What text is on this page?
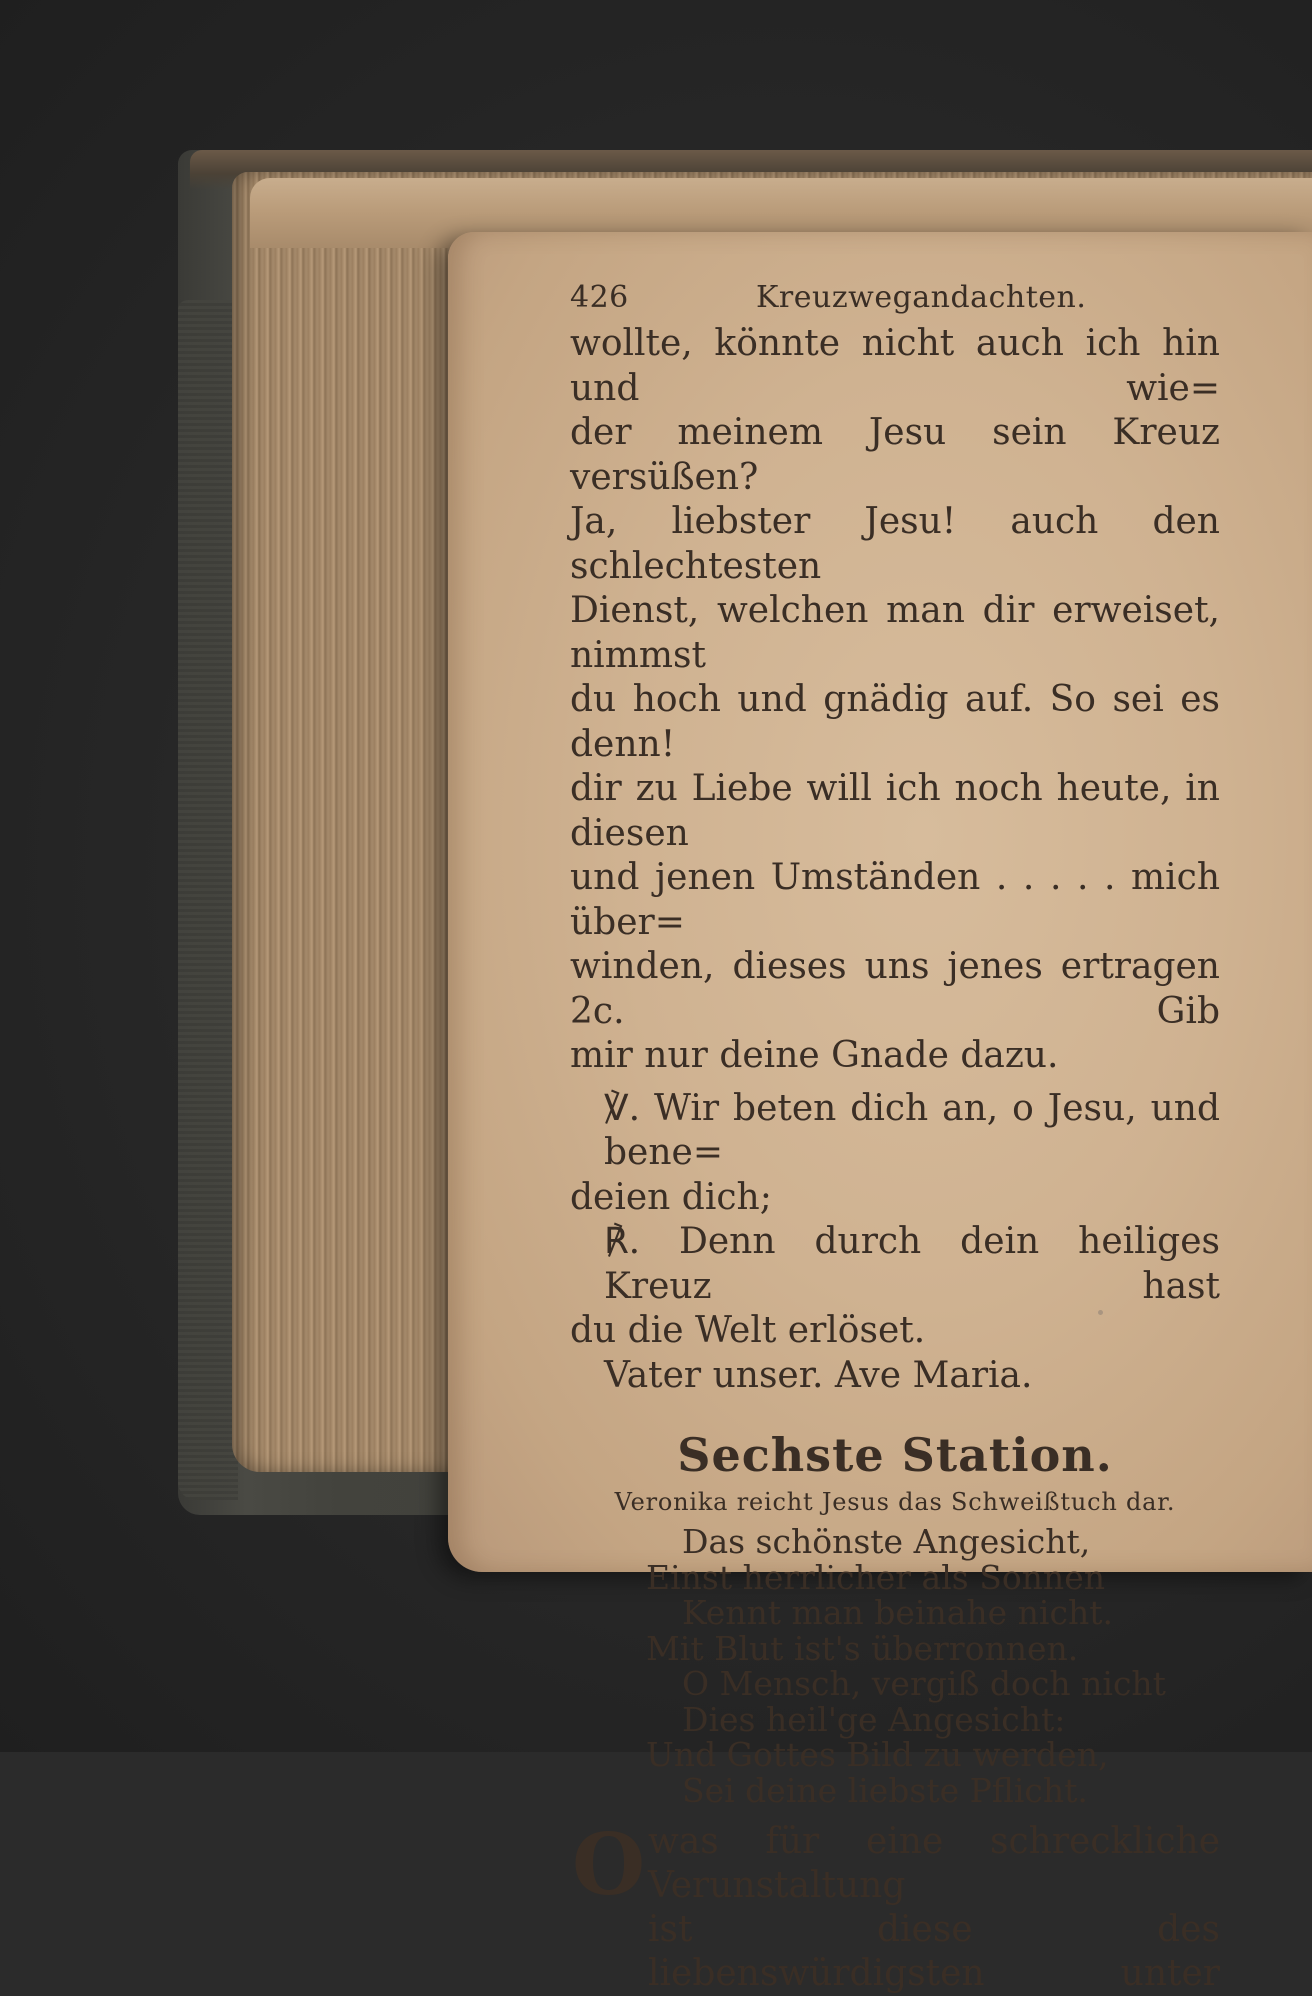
426	Kreuzwegandachten.

wollte, könnte nicht auch ich hin und wie=

der meinem Jesu sein Kreuz versüßen?

Ja, liebster Jesu! auch den schlechtesten

Dienst, welchen man dir erweiset, nimmst

du hoch und gnädig auf. So sei es denn!

dir zu Liebe will ich noch heute, in diesen

und jenen Umständen . . . . . mich über=

winden, dieses uns jenes ertragen 2c. Gib

mir nur deine Gnade dazu.

℣. Wir beten dich an, o Jesu, und bene=

deien dich;

℟. Denn durch dein heiliges Kreuz hast

du die Welt erlöset.

Vater unser. Ave Maria.

Sechste Station.
Veronika reicht Jesus das Schweißtuch dar.

Das schönste Angesicht,

Einst herrlicher als Sonnen

Kennt man beinahe nicht.

Mit Blut ist's überronnen.

O Mensch, vergiß doch nicht

Dies heil'ge Angesicht:

Und Gottes Bild zu werden,

Sei deine liebste Pflicht.

O was für eine schreckliche Verunstaltung

ist diese des liebenswürdigsten unter
